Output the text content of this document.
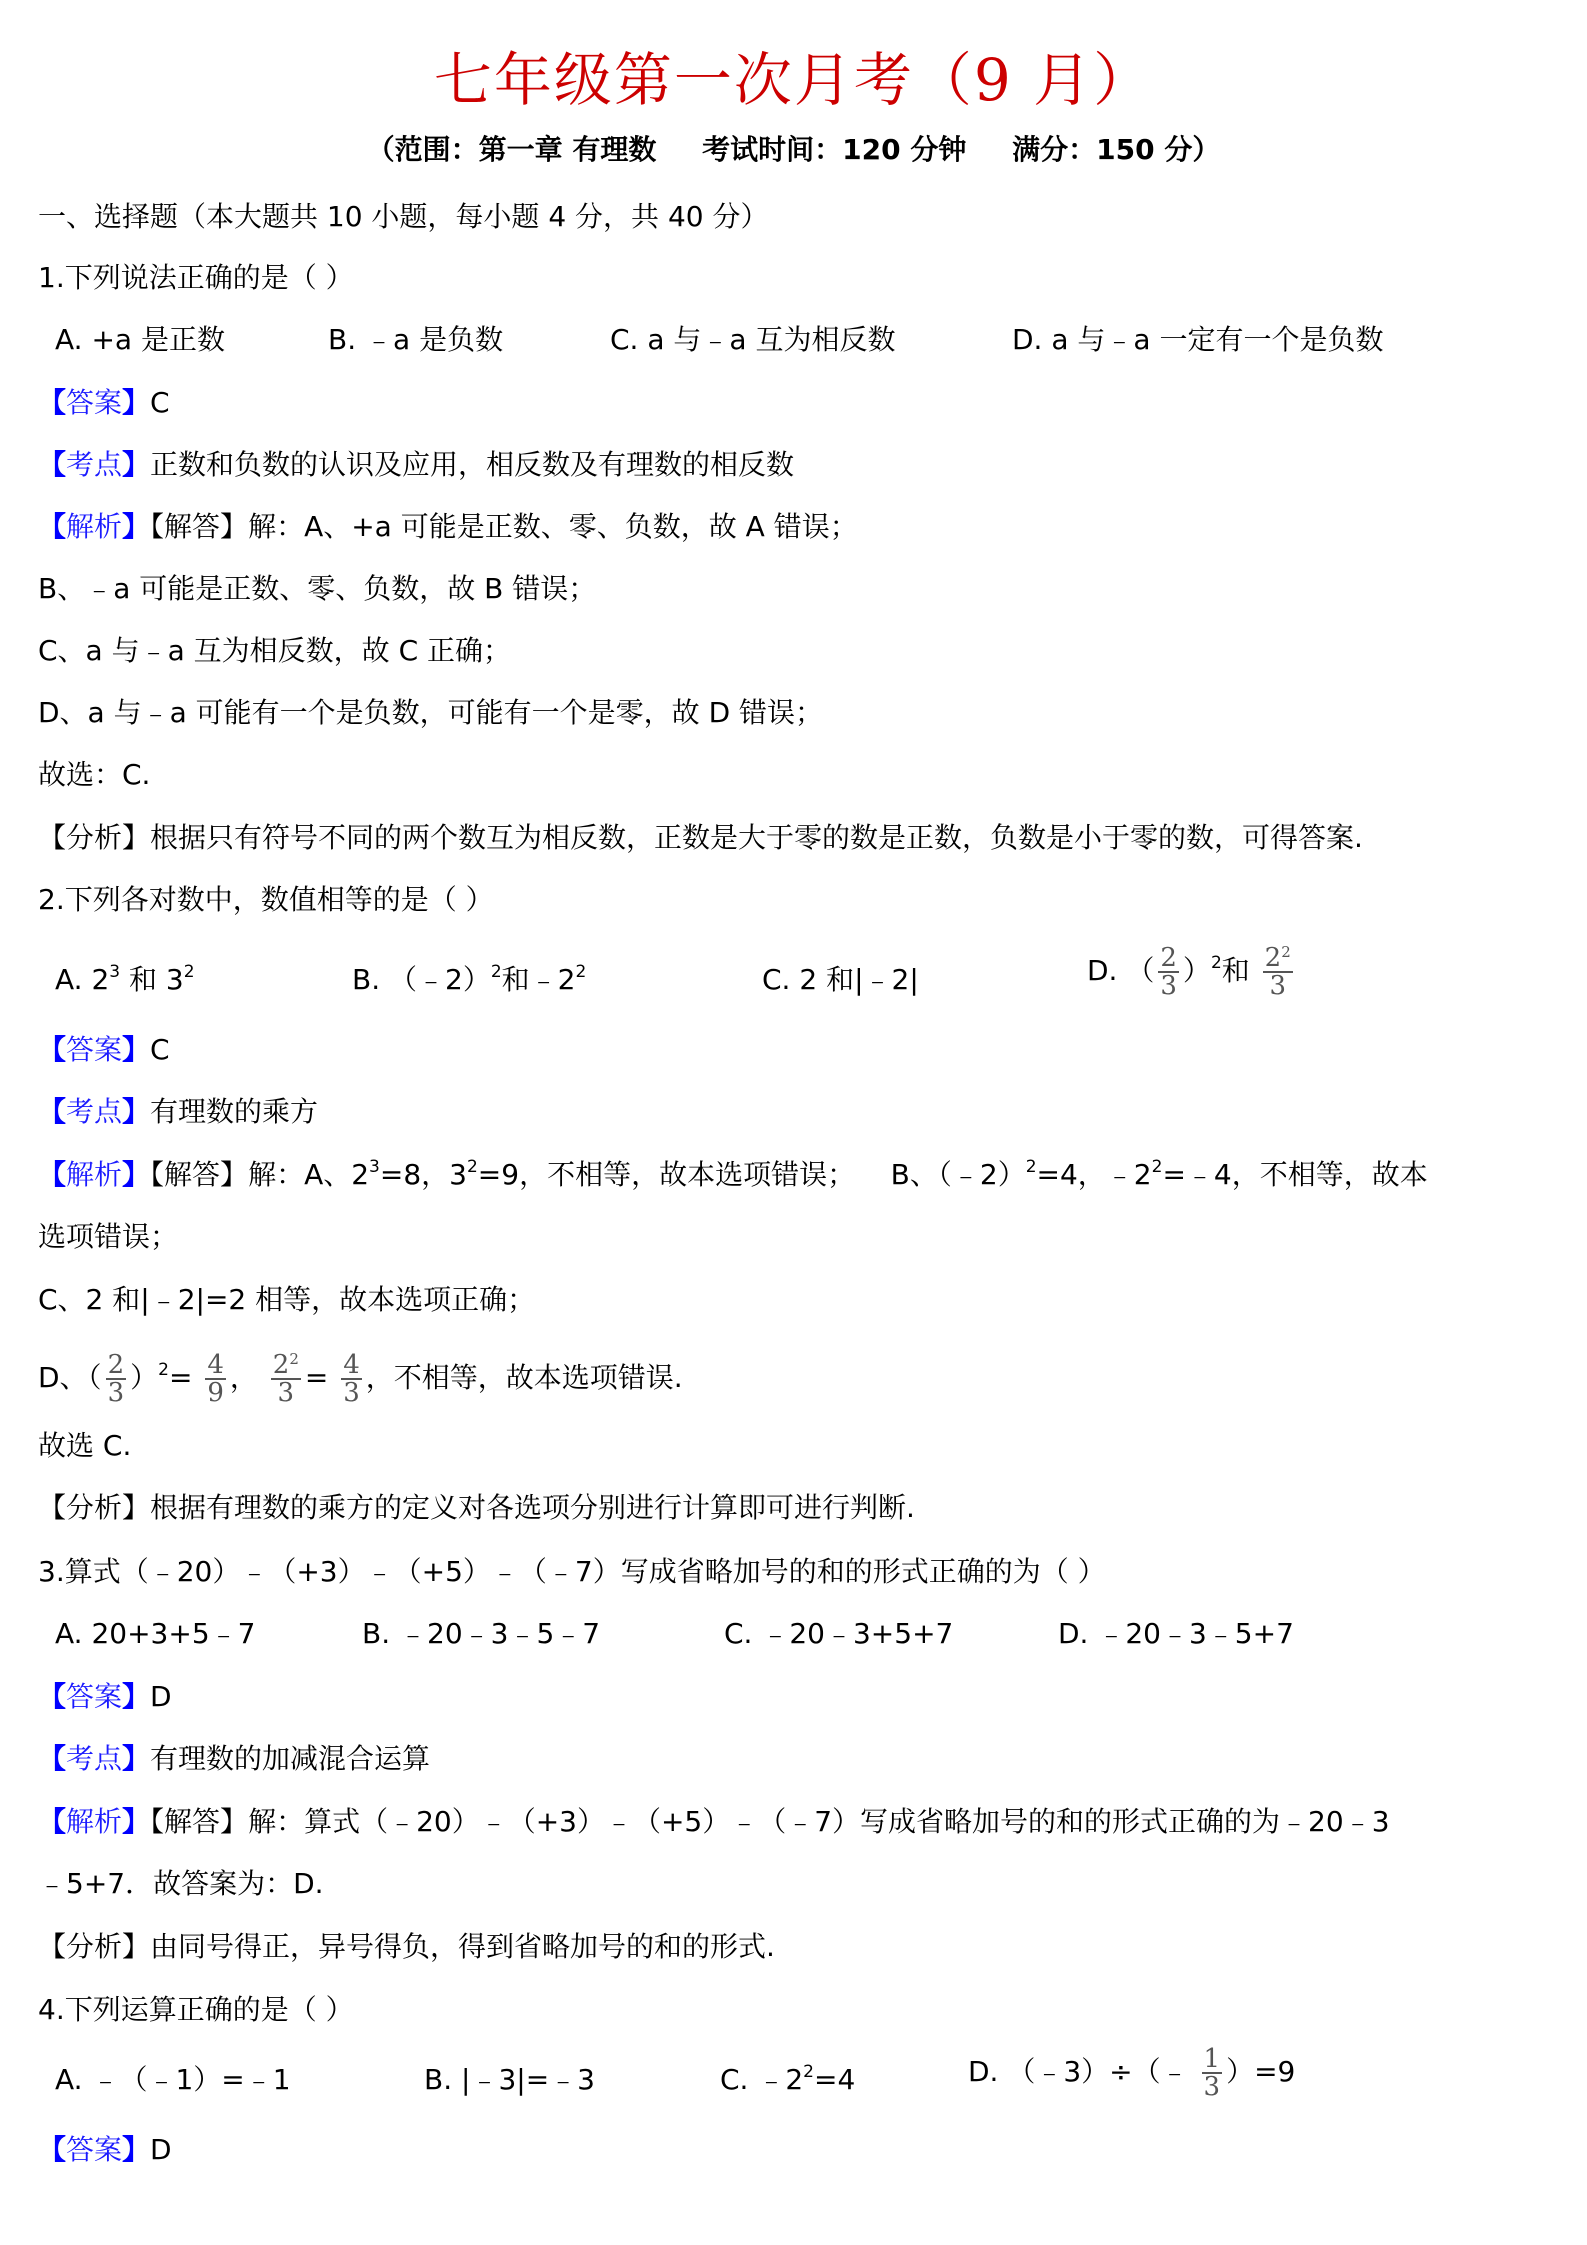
七年级第一次月考（9 月）
（范围：第一章 有理数 考试时间：120 分钟 满分：150 分）
一、选择题（本大题共 10 小题，每小题 4 分，共 40 分）
1.下列说法正确的是（ ）
A. +a 是正数	B. ﹣a 是负数	C. a 与﹣a 互为相反数	D. a 与﹣a 一定有一个是负数
【答案】C
【考点】正数和负数的认识及应用，相反数及有理数的相反数
【解析】【解答】解：A、+a 可能是正数、零、负数，故 A 错误；
B、﹣a 可能是正数、零、负数，故 B 错误；
C、a 与﹣a 互为相反数，故 C 正确；
D、a 与﹣a 可能有一个是负数，可能有一个是零，故 D 错误；
故选：C.
【分析】根据只有符号不同的两个数互为相反数，正数是大于零的数是正数，负数是小于零的数，可得答案.
2.下列各对数中，数值相等的是（ ）
A. $2^3$ 和 $3^2$	B. （﹣2）$^2$和$﹣2^2$	C. 2 和|﹣2|	D. （ $\frac{2}{3} )^2$和 $\frac{2^2}{3}$
【答案】C
【考点】有理数的乘方
【解析】【解答】解：A、$2^3=8$，$3^2=9$，不相等，故本选项错误；    B、（﹣2）$^2$=4，$﹣2^2=﹣4$，不相等，故本
选项错误；
C、2 和|﹣2|=2 相等，故本选项正确；
D、（ $\frac{2}{3} )^2= \frac{4}{9}$ ， $\frac{2^2}{3} = \frac{4}{3}$ ，不相等，故本选项错误.
故选 C.
【分析】根据有理数的乘方的定义对各选项分别进行计算即可进行判断.
3.算式（﹣20）﹣（+3）﹣（+5）﹣（﹣7）写成省略加号的和的形式正确的为（ ）
A. 20+3+5﹣7	B. ﹣20﹣3﹣5﹣7	C. ﹣20﹣3+5+7	D. ﹣20﹣3﹣5+7
【答案】D
【考点】有理数的加减混合运算
【解析】【解答】解：算式（﹣20）﹣（+3）﹣（+5）﹣（﹣7）写成省略加号的和的形式正确的为﹣20﹣3
﹣5+7．故答案为：D.
【分析】由同号得正，异号得负，得到省略加号的和的形式.
4.下列运算正确的是（ ）
A. ﹣（﹣1）=﹣1	B. |﹣3|=﹣3	C. $﹣2^2=4$	D. （﹣3）÷（﹣ $\frac{1}{3} )=9$
【答案】D
